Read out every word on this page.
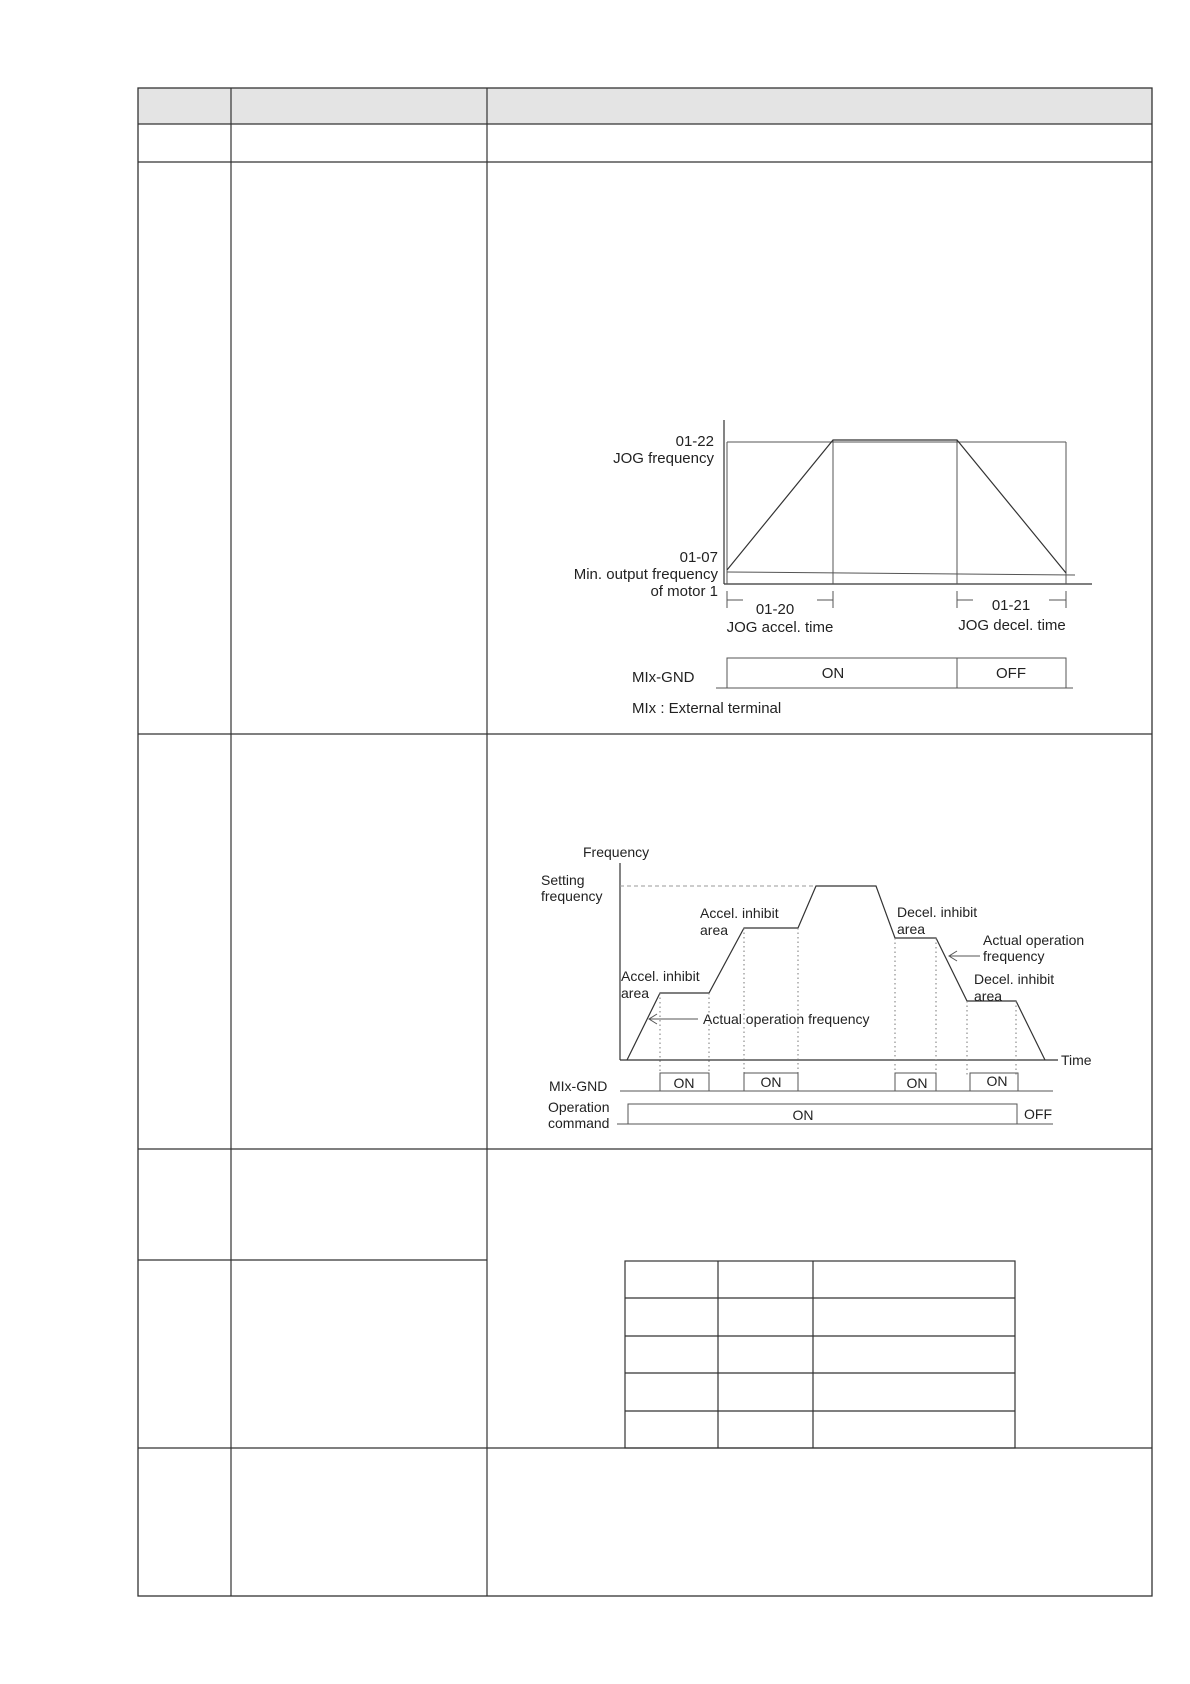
01-22
JOG frequency
01-07
Min. output frequency
of motor 1
01-20
JOG accel. time
01-21
JOG decel. time
MIx-GND	ON	OFF
MIx : External terminal
Frequency
Time
Setting
frequency
Accel. inhibit
area
Accel. inhibit
area
Decel. inhibit
area
Decel. inhibit
area
Actual operation
frequency
Actual operation frequency
MIx-GND	ON	ON	ON	ON
Operation
command	ON	OFF
